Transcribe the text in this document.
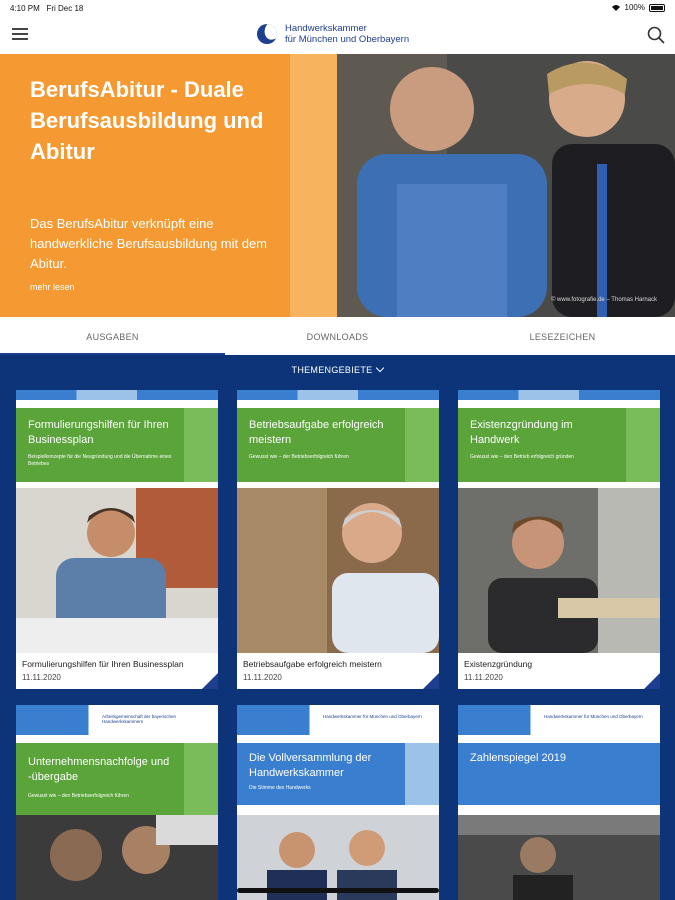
4:10 PM Fri Dec 18	100%
Handwerkskammer
für München und Oberbayern
BerufsAbitur - Duale Berufsausbildung und Abitur
Das BerufsAbitur verknüpft eine handwerkliche Berufsausbildung mit dem Abitur.
mehr lesen
© www.fotografie.de – Thomas Harnack
AUSGABEN	DOWNLOADS	LESEZEICHEN
THEMENGEBIETE
Formulierungshilfen für Ihren Businessplan

Beispielkonzepte für die Neugründung und die Übernahme eines Betriebes

Formulierungshilfen für Ihren Businessplan
11.11.2020
Betriebsaufgabe erfolgreich meistern

Gewusst wie – der Betriebserfolgreich führen

Betriebsaufgabe erfolgreich meistern
11.11.2020
Existenzgründung im Handwerk

Gewusst wie – den Betrieb erfolgreich gründen

Existenzgründung
11.11.2020
Arbeitsgemeinschaft der bayerischen Handwerkskammern
Unternehmensnachfolge und -übergabe

Gewusst wie – den Betriebserfolgreich führen

Handwerkskammer für München und Oberbayern
Die Vollversammlung der Handwerkskammer

Die Stimme des Handwerks

Handwerkskammer für München und Oberbayern
Zahlenspiegel 2019
